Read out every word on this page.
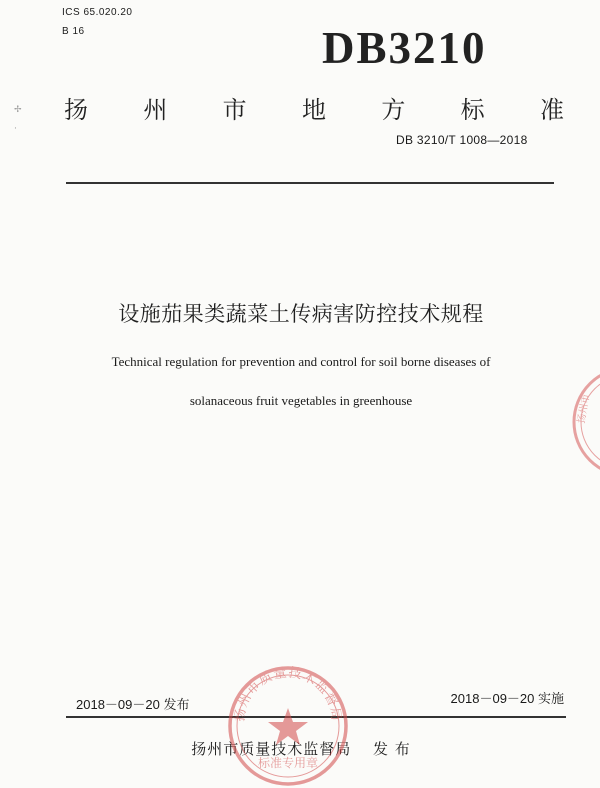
✢
·
ICS 65.020.20
B 16	DB3210
扬 州 市 地 方 标 准
DB 3210/T 1008—2018
设施茄果类蔬菜土传病害防控技术规程
Technical regulation for prevention and control for soil borne diseases of
solanaceous fruit vegetables in greenhouse	扬州市
2018－09－20 发布	2018－09－20 实施
扬州市质量技术监督局 　发 布
扬州市质量技术监督局
标准专用章
